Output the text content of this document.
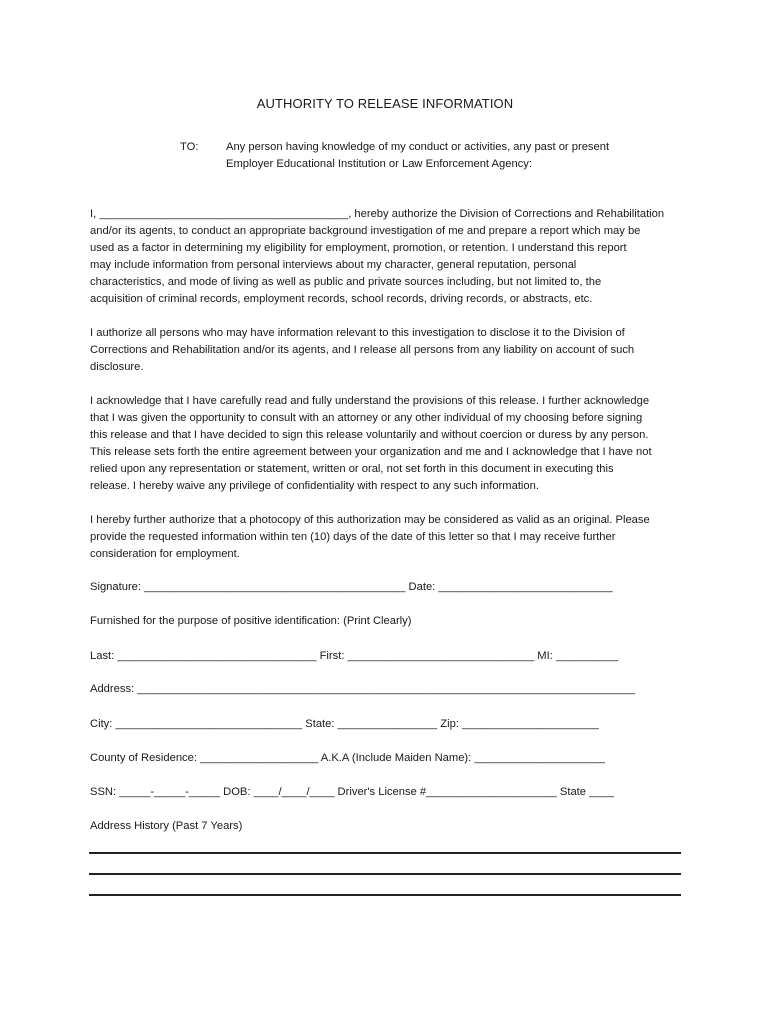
AUTHORITY TO RELEASE INFORMATION
TO: Any person having knowledge of my conduct or activities, any past or present
Employer Educational Institution or Law Enforcement Agency:
I, ________________________________________, hereby authorize the Division of Corrections and Rehabilitation
and/or its agents, to conduct an appropriate background investigation of me and prepare a report which may be
used as a factor in determining my eligibility for employment, promotion, or retention. I understand this report
may include information from personal interviews about my character, general reputation, personal
characteristics, and mode of living as well as public and private sources including, but not limited to, the
acquisition of criminal records, employment records, school records, driving records, or abstracts, etc.
I authorize all persons who may have information relevant to this investigation to disclose it to the Division of
Corrections and Rehabilitation and/or its agents, and I release all persons from any liability on account of such
disclosure.
I acknowledge that I have carefully read and fully understand the provisions of this release. I further acknowledge
that I was given the opportunity to consult with an attorney or any other individual of my choosing before signing
this release and that I have decided to sign this release voluntarily and without coercion or duress by any person.
This release sets forth the entire agreement between your organization and me and I acknowledge that I have not
relied upon any representation or statement, written or oral, not set forth in this document in executing this
release. I hereby waive any privilege of confidentiality with respect to any such information.
I hereby further authorize that a photocopy of this authorization may be considered as valid as an original. Please
provide the requested information within ten (10) days of the date of this letter so that I may receive further
consideration for employment.
Signature: __________________________________________ Date: ____________________________
Furnished for the purpose of positive identification: (Print Clearly)
Last: ________________________________ First: ______________________________ MI: __________
Address: ________________________________________________________________________________
City: ______________________________ State: ________________ Zip: ______________________
County of Residence: ___________________ A.K.A (Include Maiden Name): _____________________
SSN: _____-_____-_____ DOB: ____/____/____ Driver's License #_____________________ State ____
Address History (Past 7 Years)
